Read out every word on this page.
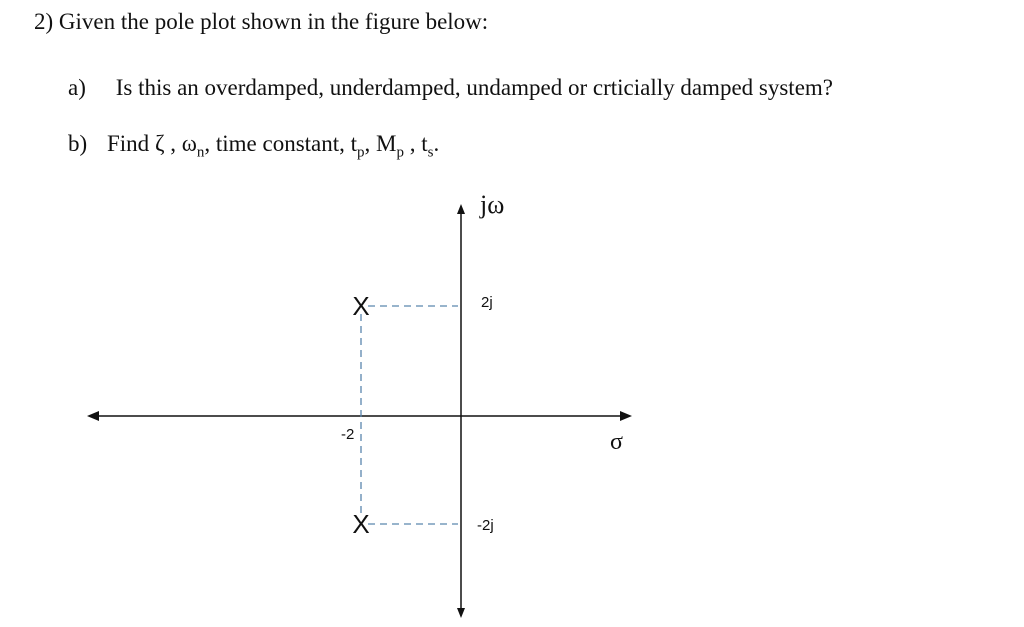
2) Given the pole plot shown in the figure below:
a) Is this an overdamped, underdamped, undamped or crticially damped system?
b) Find ζ , $\omega_n$, time constant, $t_p$, $M_p$ , $t_s$.
X
X
jω
σ
2j
-2j
-2
